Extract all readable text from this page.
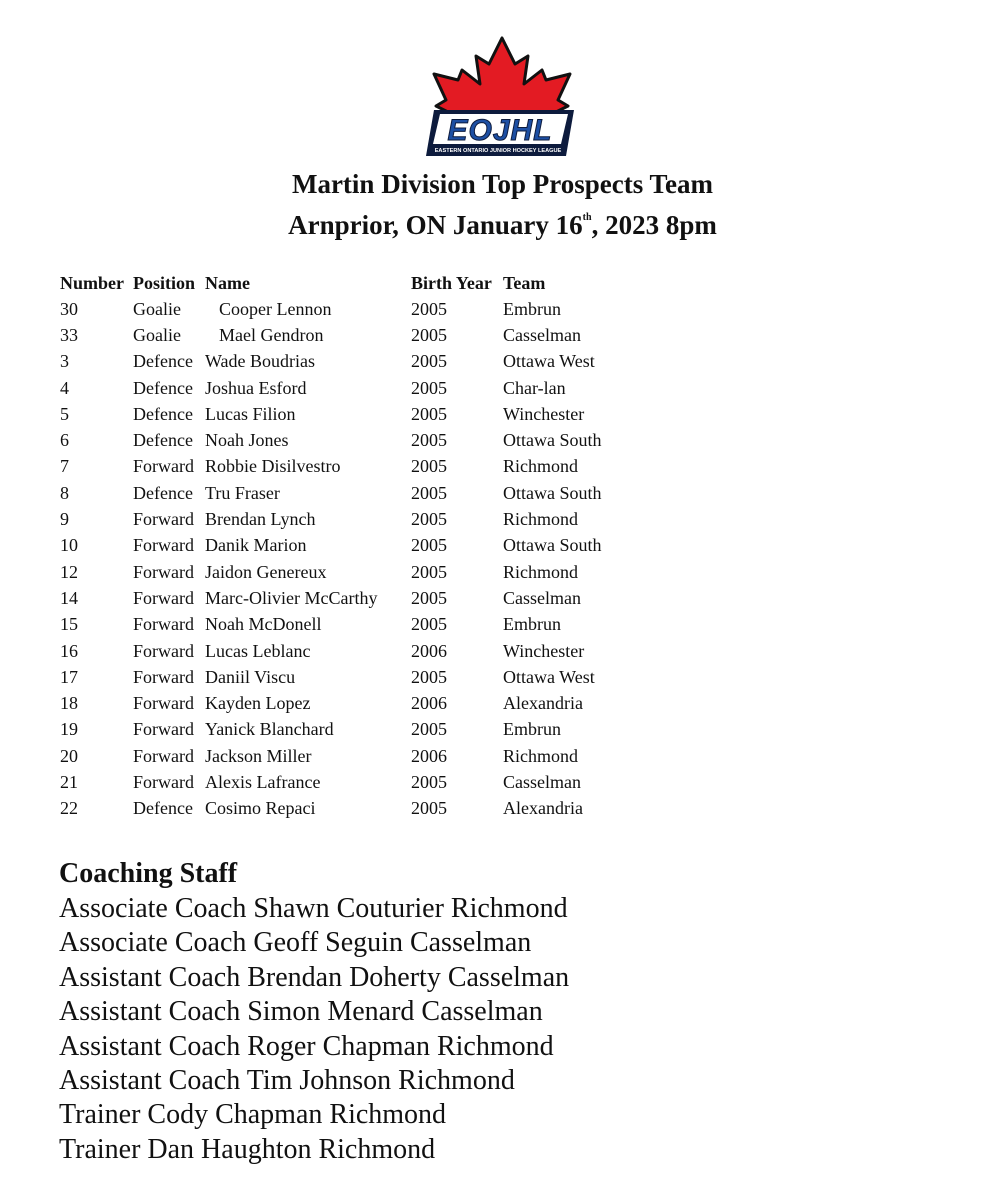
EOJHL
EASTERN ONTARIO JUNIOR HOCKEY LEAGUE
Martin Division Top Prospects Team
Arnprior, ON January 16th, 2023 8pm
Number	Position	Name	Birth Year	Team
30	Goalie	Cooper Lennon	2005	Embrun
33	Goalie	Mael Gendron	2005	Casselman
3	Defence	Wade Boudrias	2005	Ottawa West
4	Defence	Joshua Esford	2005	Char-lan
5	Defence	Lucas Filion	2005	Winchester
6	Defence	Noah Jones	2005	Ottawa South
7	Forward	Robbie Disilvestro	2005	Richmond
8	Defence	Tru Fraser	2005	Ottawa South
9	Forward	Brendan Lynch	2005	Richmond
10	Forward	Danik Marion	2005	Ottawa South
12	Forward	Jaidon Genereux	2005	Richmond
14	Forward	Marc-Olivier McCarthy	2005	Casselman
15	Forward	Noah McDonell	2005	Embrun
16	Forward	Lucas Leblanc	2006	Winchester
17	Forward	Daniil Viscu	2005	Ottawa West
18	Forward	Kayden Lopez	2006	Alexandria
19	Forward	Yanick Blanchard	2005	Embrun
20	Forward	Jackson Miller	2006	Richmond
21	Forward	Alexis Lafrance	2005	Casselman
22	Defence	Cosimo Repaci	2005	Alexandria
Coaching Staff
Associate Coach Shawn Couturier Richmond
Associate Coach Geoff Seguin Casselman
Assistant Coach Brendan Doherty Casselman
Assistant Coach Simon Menard Casselman
Assistant Coach Roger Chapman Richmond
Assistant Coach Tim Johnson Richmond
Trainer Cody Chapman Richmond
Trainer Dan Haughton Richmond
